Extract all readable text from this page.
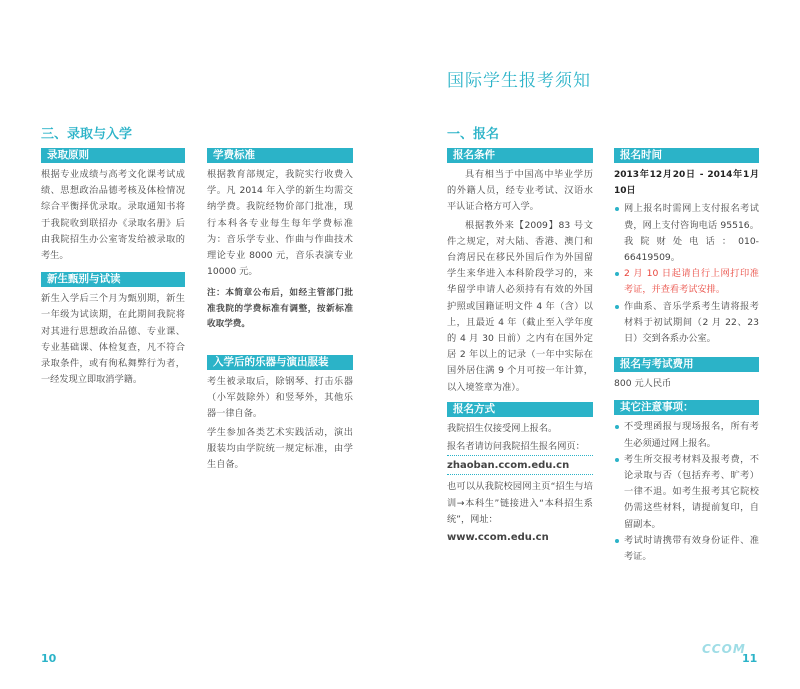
国际学生报考须知
三、录取与入学
录取原则
根据专业成绩与高考文化课考试成绩、思想政治品德考核及体检情况综合平衡择优录取。录取通知书将于我院收到联招办《录取名册》后由我院招生办公室寄发给被录取的考生。
新生甄别与试读
新生入学后三个月为甄别期，新生一年级为试读期，在此期间我院将对其进行思想政治品德、专业课、专业基础课、体检复查，凡不符合录取条件，或有徇私舞弊行为者，一经发现立即取消学籍。
学费标准
根据教育部规定，我院实行收费入学。凡 2014 年入学的新生均需交纳学费。我院经物价部门批准，现行本科各专业每生每年学费标准为：音乐学专业、作曲与作曲技术理论专业 8000 元，音乐表演专业 10000 元。
注：本简章公布后，如经主管部门批准我院的学费标准有调整，按新标准收取学费。
入学后的乐器与演出服装
考生被录取后，除钢琴、打击乐器（小军鼓除外）和竖琴外，其他乐器一律自备。
学生参加各类艺术实践活动，演出服装均由学院统一规定标准，由学生自备。
10
一、报名
报名条件
具有相当于中国高中毕业学历的外籍人员，经专业考试、汉语水平认证合格方可入学。
根据教外来【2009】83 号文件之规定，对大陆、香港、澳门和台湾居民在移民外国后作为外国留学生来华进入本科阶段学习的，来华留学申请人必须持有有效的外国护照或国籍证明文件 4 年（含）以上，且最近 4 年（截止至入学年度的 4 月 30 日前）之内有在国外定居 2 年以上的记录（一年中实际在国外居住满 9 个月可按一年计算，以入境签章为准）。
报名方式
我院招生仅接受网上报名。
报名者请访问我院招生报名网页：
zhaoban.ccom.edu.cn
也可以从我院校园网主页“招生与培训→本科生”链接进入“本科招生系统”，网址：
www.ccom.edu.cn
报名时间
2013年12月20日 - 2014年1月10日
网上报名时需网上支付报名考试费，网上支付咨询电话 95516。我院财处电话：010-66419509。
2 月 10 日起请自行上网打印准考证，并查看考试安排。
作曲系、音乐学系考生请将报考材料于初试期间（2 月 22、23 日）交到各系办公室。
报名与考试费用
800 元人民币
其它注意事项：
不受理函报与现场报名，所有考生必须通过网上报名。
考生所交报考材料及报考费，不论录取与否（包括弃考、旷考）一律不退。如考生报考其它院校仍需这些材料，请提前复印，自留副本。
考试时请携带有效身份证件、准考证。
CCOM
11
